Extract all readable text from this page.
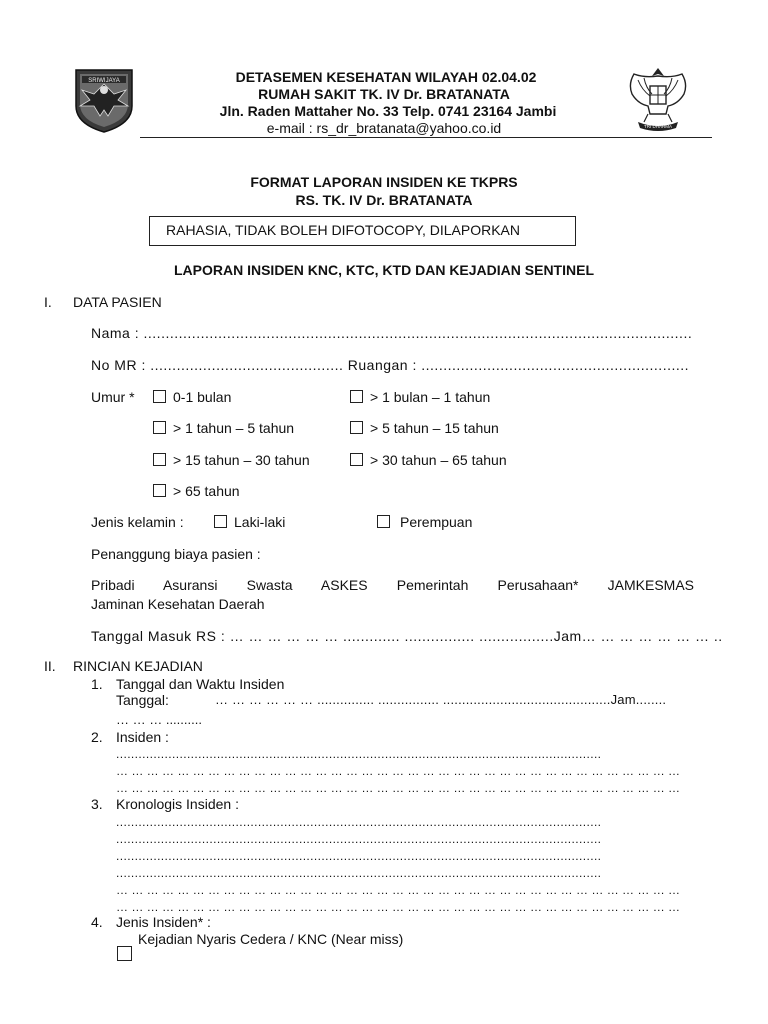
SRIWIJAYA
TRI DHARMA
DETASEMEN KESEHATAN WILAYAH 02.04.02
RUMAH SAKIT TK. IV Dr. BRATANATA
Jln. Raden Mattaher No. 33 Telp. 0741 23164 Jambi
e-mail : rs_dr_bratanata@yahoo.co.id
FORMAT LAPORAN INSIDEN KE TKPRS
RS. TK. IV Dr. BRATANATA
RAHASIA, TIDAK BOLEH DIFOTOCOPY, DILAPORKAN
LAPORAN INSIDEN KNC, KTC, KTD DAN KEJADIAN SENTINEL
I. DATA PASIEN
Nama : .............................................................................................................................
No MR : ............................................ Ruangan : .............................................................
Umur *	0-1 bulan	> 1 bulan – 1 tahun
> 1 tahun – 5 tahun	> 5 tahun – 15 tahun
> 15 tahun – 30 tahun	> 30 tahun – 65 tahun
> 65 tahun
Jenis kelamin :	Laki-laki	Perempuan
Penanggung biaya pasien :
Pribadi Asuransi Swasta ASKES Pemerintah Perusahaan* JAMKESMAS
Jaminan Kesehatan Daerah
Tanggal Masuk RS : … … … … … … ............. ................ .................Jam… … … … … … … ..
II. RINCIAN KEJADIAN
1. Tanggal dan Waktu Insiden
Tanggal:	… … … … … … ............... ................ ............................................Jam........
… … … ..........
2. Insiden :
..................................................................................................................................
… … … … … … … … … … … … … … … … … … … … … … … … … … … … … … … … … … … … …
… … … … … … … … … … … … … … … … … … … … … … … … … … … … … … … … … … … … …
3. Kronologis Insiden :
..................................................................................................................................
..................................................................................................................................
..................................................................................................................................
..................................................................................................................................
… … … … … … … … … … … … … … … … … … … … … … … … … … … … … … … … … … … … …
… … … … … … … … … … … … … … … … … … … … … … … … … … … … … … … … … … … … …
4. Jenis Insiden* :
Kejadian Nyaris Cedera / KNC (Near miss)
